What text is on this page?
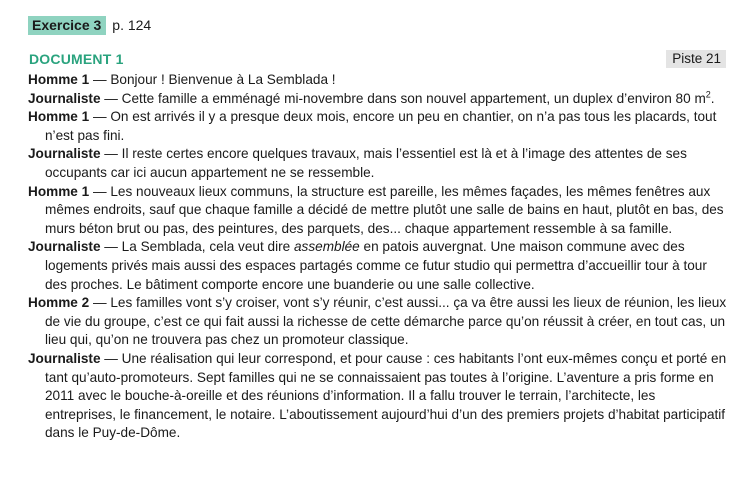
Exercice 3 p. 124
DOCUMENT 1	Piste 21

Homme 1 — Bonjour ! Bienvenue à La Semblada !

Journaliste — Cette famille a emménagé mi-novembre dans son nouvel appartement, un duplex d’environ 80 $m^2$.

Homme 1 — On est arrivés il y a presque deux mois, encore un peu en chantier, on n’a pas tous les placards, tout n’est pas fini.

Journaliste — Il reste certes encore quelques travaux, mais l’essentiel est là et à l’image des attentes de ses occupants car ici aucun appartement ne se ressemble.

Homme 1 — Les nouveaux lieux communs, la structure est pareille, les mêmes façades, les mêmes fenêtres aux mêmes endroits, sauf que chaque famille a décidé de mettre plutôt une salle de bains en haut, plutôt en bas, des murs béton brut ou pas, des peintures, des parquets, des... chaque appartement ressemble à sa famille.

Journaliste — La Semblada, cela veut dire assemblée en patois auvergnat. Une maison commune avec des logements privés mais aussi des espaces partagés comme ce futur studio qui permettra d’accueillir tour à tour des proches. Le bâtiment comporte encore une buanderie ou une salle collective.

Homme 2 — Les familles vont s’y croiser, vont s’y réunir, c’est aussi... ça va être aussi les lieux de réunion, les lieux de vie du groupe, c’est ce qui fait aussi la richesse de cette démarche parce qu’on réussit à créer, en tout cas, un lieu qui, qu’on ne trouvera pas chez un promoteur classique.

Journaliste — Une réalisation qui leur correspond, et pour cause : ces habitants l’ont eux-mêmes conçu et porté en tant qu’auto-promoteurs. Sept familles qui ne se connaissaient pas toutes à l’origine. L’aventure a pris forme en 2011 avec le bouche-à-oreille et des réunions d’information. Il a fallu trouver le terrain, l’architecte, les entreprises, le financement, le notaire. L’aboutissement aujourd’hui d’un des premiers projets d’habitat participatif dans le Puy-de-Dôme.
